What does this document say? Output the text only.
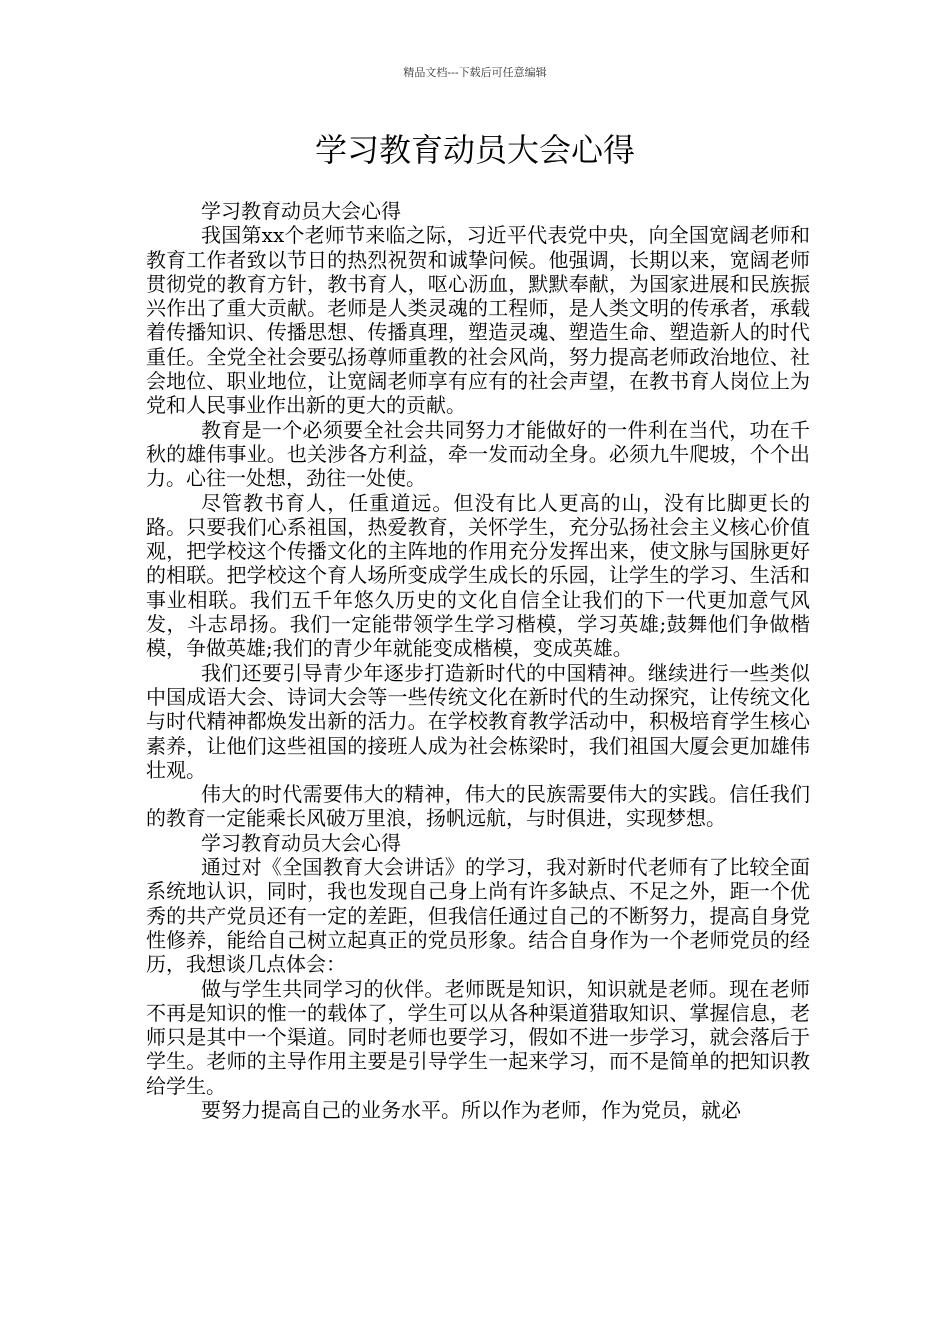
精品文档---下载后可任意编辑
学习教育动员大会心得

学习教育动员大会心得

我国第xx个老师节来临之际，习近平代表党中央，向全国宽阔老师和教育工作者致以节日的热烈祝贺和诚挚问候。他强调，长期以来，宽阔老师贯彻党的教育方针，教书育人，呕心沥血，默默奉献，为国家进展和民族振兴作出了重大贡献。老师是人类灵魂的工程师，是人类文明的传承者，承载着传播知识、传播思想、传播真理，塑造灵魂、塑造生命、塑造新人的时代重任。全党全社会要弘扬尊师重教的社会风尚，努力提高老师政治地位、社会地位、职业地位，让宽阔老师享有应有的社会声望，在教书育人岗位上为党和人民事业作出新的更大的贡献。

教育是一个必须要全社会共同努力才能做好的一件利在当代，功在千秋的雄伟事业。也关涉各方利益，牵一发而动全身。必须九牛爬坡，个个出力。心往一处想，劲往一处使。

尽管教书育人，任重道远。但没有比人更高的山，没有比脚更长的路。只要我们心系祖国，热爱教育，关怀学生，充分弘扬社会主义核心价值观，把学校这个传播文化的主阵地的作用充分发挥出来，使文脉与国脉更好的相联。把学校这个育人场所变成学生成长的乐园，让学生的学习、生活和事业相联。我们五千年悠久历史的文化自信全让我们的下一代更加意气风发，斗志昂扬。我们一定能带领学生学习楷模，学习英雄;鼓舞他们争做楷模，争做英雄;我们的青少年就能变成楷模，变成英雄。

我们还要引导青少年逐步打造新时代的中国精神。继续进行一些类似中国成语大会、诗词大会等一些传统文化在新时代的生动探究，让传统文化与时代精神都焕发出新的活力。在学校教育教学活动中，积极培育学生核心素养，让他们这些祖国的接班人成为社会栋梁时，我们祖国大厦会更加雄伟壮观。

伟大的时代需要伟大的精神，伟大的民族需要伟大的实践。信任我们的教育一定能乘长风破万里浪，扬帆远航，与时俱进，实现梦想。

学习教育动员大会心得

通过对《全国教育大会讲话》的学习，我对新时代老师有了比较全面系统地认识，同时，我也发现自己身上尚有许多缺点、不足之外，距一个优秀的共产党员还有一定的差距，但我信任通过自己的不断努力，提高自身党性修养，能给自己树立起真正的党员形象。结合自身作为一个老师党员的经历，我想谈几点体会：

做与学生共同学习的伙伴。老师既是知识，知识就是老师。现在老师不再是知识的惟一的载体了，学生可以从各种渠道猎取知识、掌握信息，老师只是其中一个渠道。同时老师也要学习，假如不进一步学习，就会落后于学生。老师的主导作用主要是引导学生一起来学习，而不是简单的把知识教给学生。

要努力提高自己的业务水平。所以作为老师，作为党员，就必
